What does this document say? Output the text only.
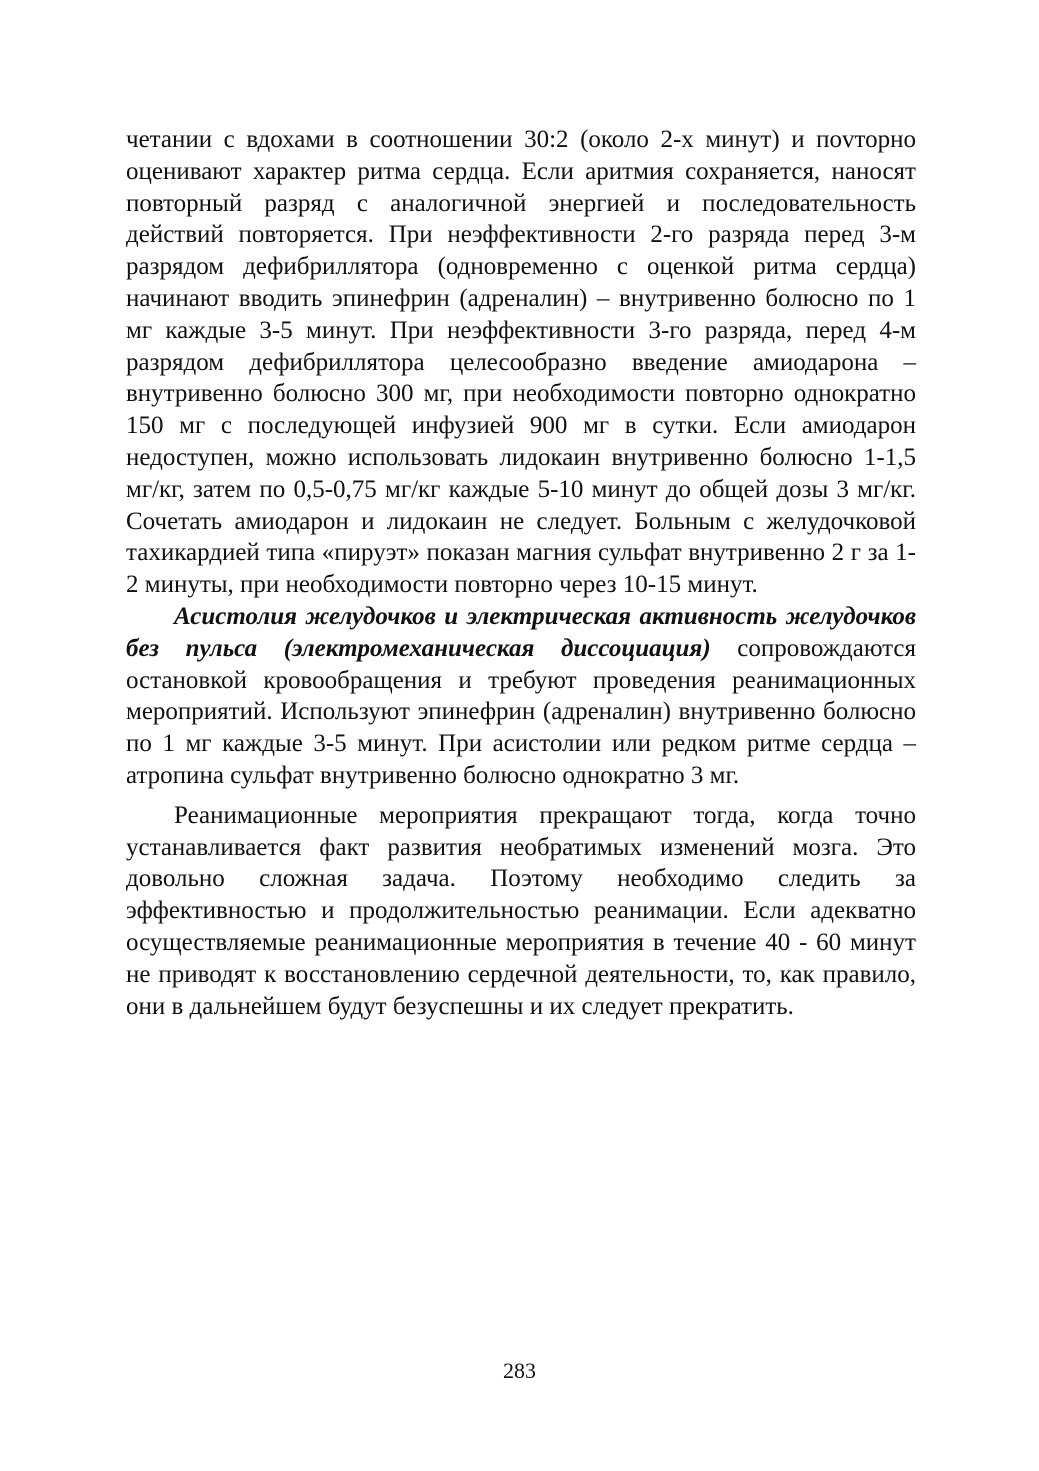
четании с вдохами в соотношении 30:2 (около 2-х минут) и поvторно оценивают характер ритма сердца. Если аритмия сохраняется, наносят повторный разряд с аналогичной энергией и последовательность действий повторяется. При неэффективности 2-го разряда перед 3-м разрядом дефибриллятора (одновременно с оценкой ритма сердца) начинают вводить эпинефрин (адреналин) – внутривенно болюсно по 1 мг каждые 3-5 минут. При неэффективности 3-го разряда, перед 4-м разрядом дефибриллятора целесообразно введение амиодарона – внутривенно болюсно 300 мг, при необходимости повторно однократно 150 мг с последующей инфузией 900 мг в сутки. Если амиодарон недоступен, можно использовать лидокаин внутривенно болюсно 1-1,5 мг/кг, затем по 0,5-0,75 мг/кг каждые 5-10 минут до общей дозы 3 мг/кг. Сочетать амиодарон и лидокаин не следует. Больным с желудочковой тахикардией типа «пируэт» показан магния сульфат внутривенно 2 г за 1-2 минуты, при необходимости повторно через 10-15 минут.

Асистолия желудочков и электрическая активность желудочков без пульса (электромеханическая диссоциация) сопровождаются остановкой кровообращения и требуют проведения реанимационных мероприятий. Используют эпинефрин (адреналин) внутривенно болюсно по 1 мг каждые 3-5 минут. При асистолии или редком ритме сердца – атропина сульфат внутривенно болюсно однократно 3 мг.

Реанимационные мероприятия прекращают тогда, когда точно устанавливается факт развития необратимых изменений мозга. Это довольно сложная задача. Поэтому необходимо следить за эффективностью и продолжительностью реанимации. Если адекватно осуществляемые реанимационные мероприятия в течение 40 - 60 минут не приводят к восстановлению сердечной деятельности, то, как правило, они в дальнейшем будут безуспешны и их следует прекратить.

283
